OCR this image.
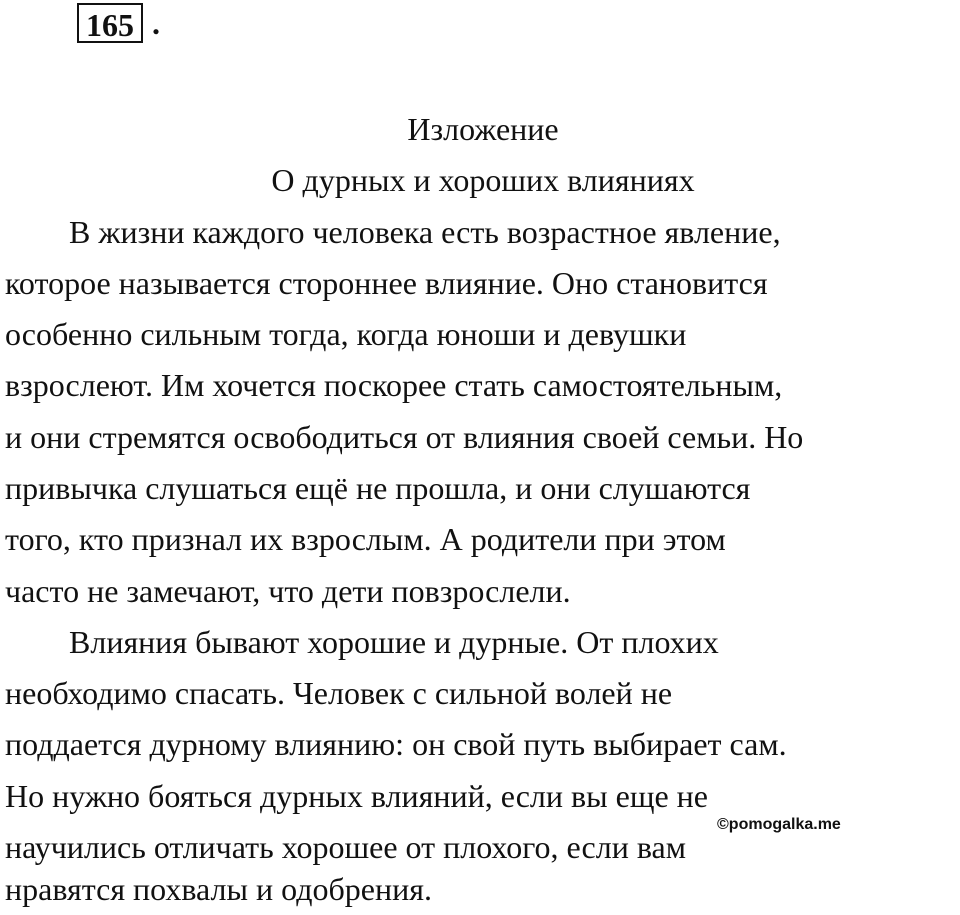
165 .
Изложение
О дурных и хороших влияниях
В жизни каждого человека есть возрастное явление,
которое называется стороннее влияние. Оно становится
особенно сильным тогда, когда юноши и девушки
взрослеют. Им хочется поскорее стать самостоятельным,
и они стремятся освободиться от влияния своей семьи. Но
привычка слушаться ещё не прошла, и они слушаются
того, кто признал их взрослым. А родители при этом
часто не замечают, что дети повзрослели.
Влияния бывают хорошие и дурные. От плохих
необходимо спасать. Человек с сильной волей не
поддается дурному влиянию: он свой путь выбирает сам.
Но нужно бояться дурных влияний, если вы еще не
научились отличать хорошее от плохого, если вам
нравятся похвалы и одобрения.
©pomogalka.me
